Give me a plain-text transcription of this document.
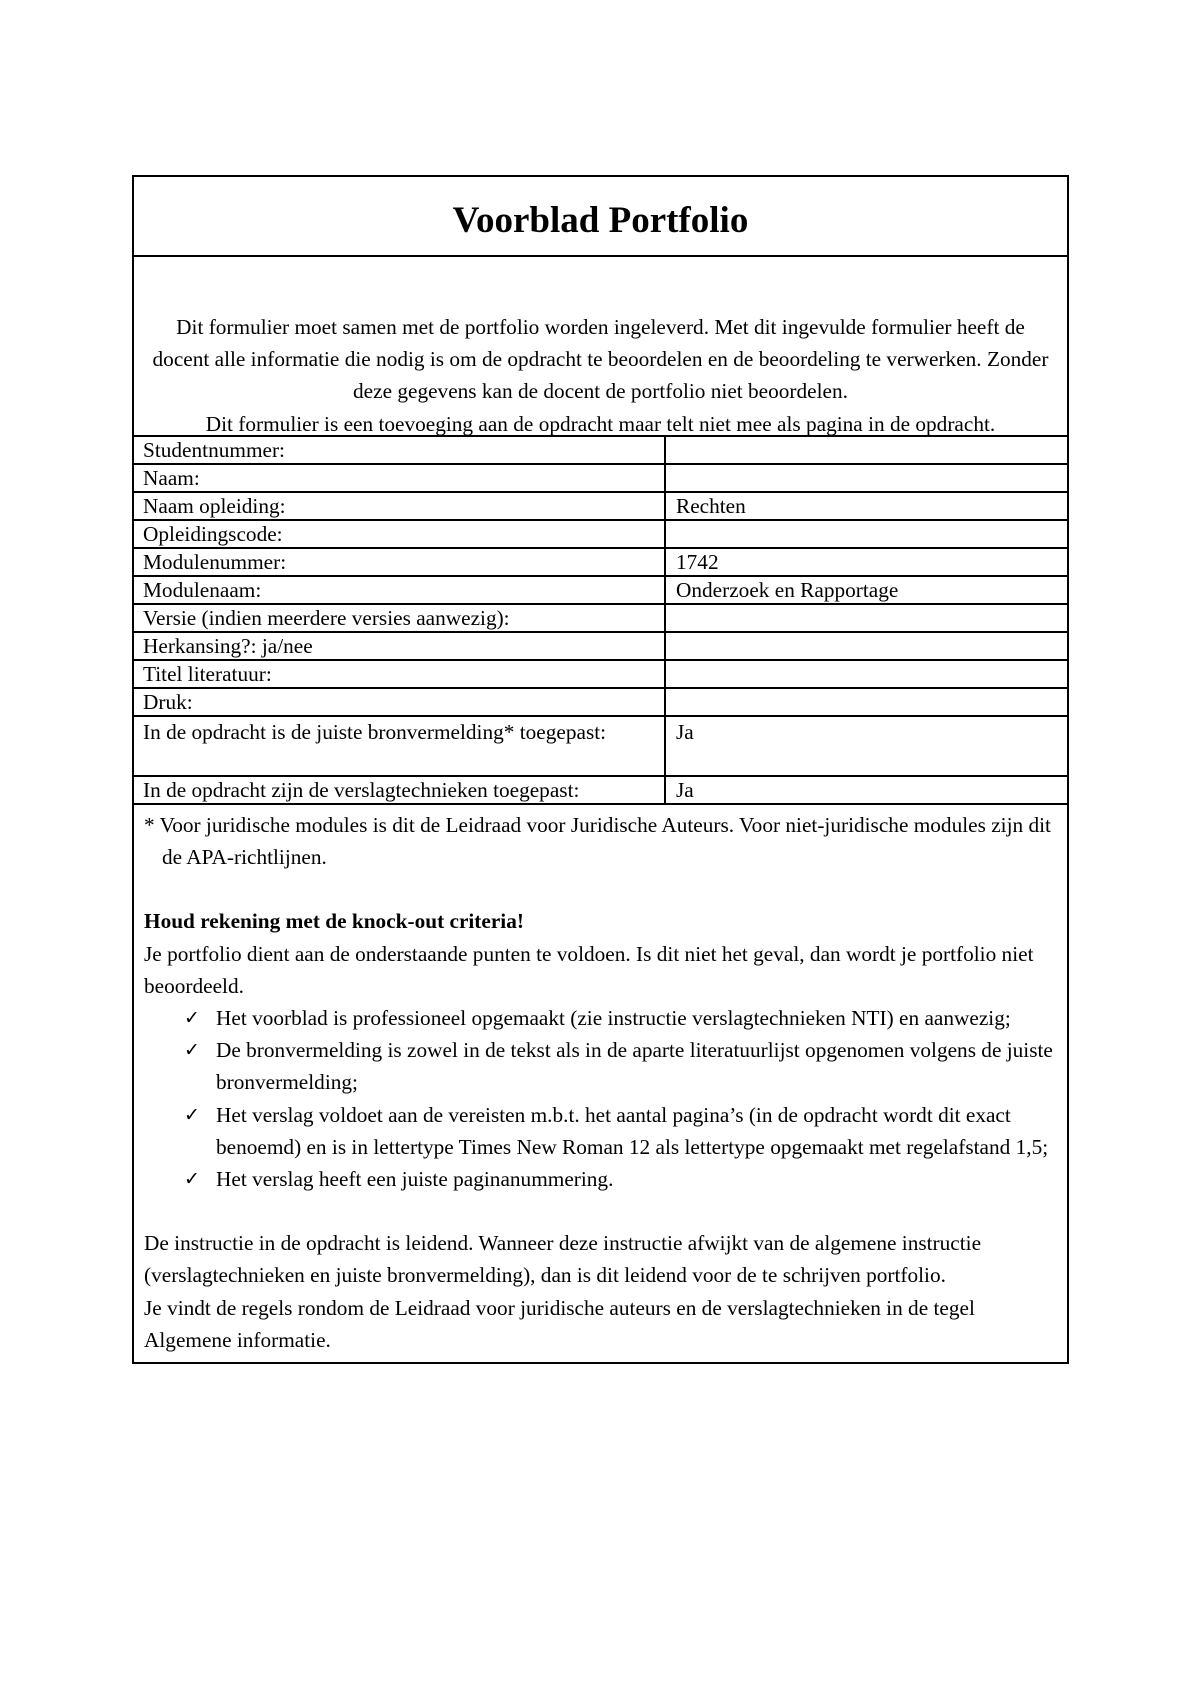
Voorblad Portfolio

Dit formulier moet samen met de portfolio worden ingeleverd. Met dit ingevulde formulier heeft de docent alle informatie die nodig is om de opdracht te beoordelen en de beoordeling te verwerken. Zonder deze gegevens kan de docent de portfolio niet beoordelen.

Dit formulier is een toevoeging aan de opdracht maar telt niet mee als pagina in de opdracht.

Studentnummer:	
Naam:	
Naam opleiding:	Rechten
Opleidingscode:	
Modulenummer:	1742
Modulenaam:	Onderzoek en Rapportage
Versie (indien meerdere versies aanwezig):	
Herkansing?: ja/nee	
Titel literatuur:	
Druk:	
In de opdracht is de juiste bronvermelding* toegepast:	Ja
In de opdracht zijn de verslagtechnieken toegepast:	Ja

* Voor juridische modules is dit de Leidraad voor Juridische Auteurs. Voor niet-juridische modules zijn dit de APA-richtlijnen.

Houd rekening met de knock-out criteria!

Je portfolio dient aan de onderstaande punten te voldoen. Is dit niet het geval, dan wordt je portfolio niet beoordeeld.

✓ Het voorblad is professioneel opgemaakt (zie instructie verslagtechnieken NTI) en aanwezig;
✓ De bronvermelding is zowel in de tekst als in de aparte literatuurlijst opgenomen volgens de juiste bronvermelding;
✓ Het verslag voldoet aan de vereisten m.b.t. het aantal pagina’s (in de opdracht wordt dit exact benoemd) en is in lettertype Times New Roman 12 als lettertype opgemaakt met regelafstand 1,5;
✓ Het verslag heeft een juiste paginanummering.

De instructie in de opdracht is leidend. Wanneer deze instructie afwijkt van de algemene instructie (verslagtechnieken en juiste bronvermelding), dan is dit leidend voor de te schrijven portfolio.

Je vindt de regels rondom de Leidraad voor juridische auteurs en de verslagtechnieken in de tegel Algemene informatie.
